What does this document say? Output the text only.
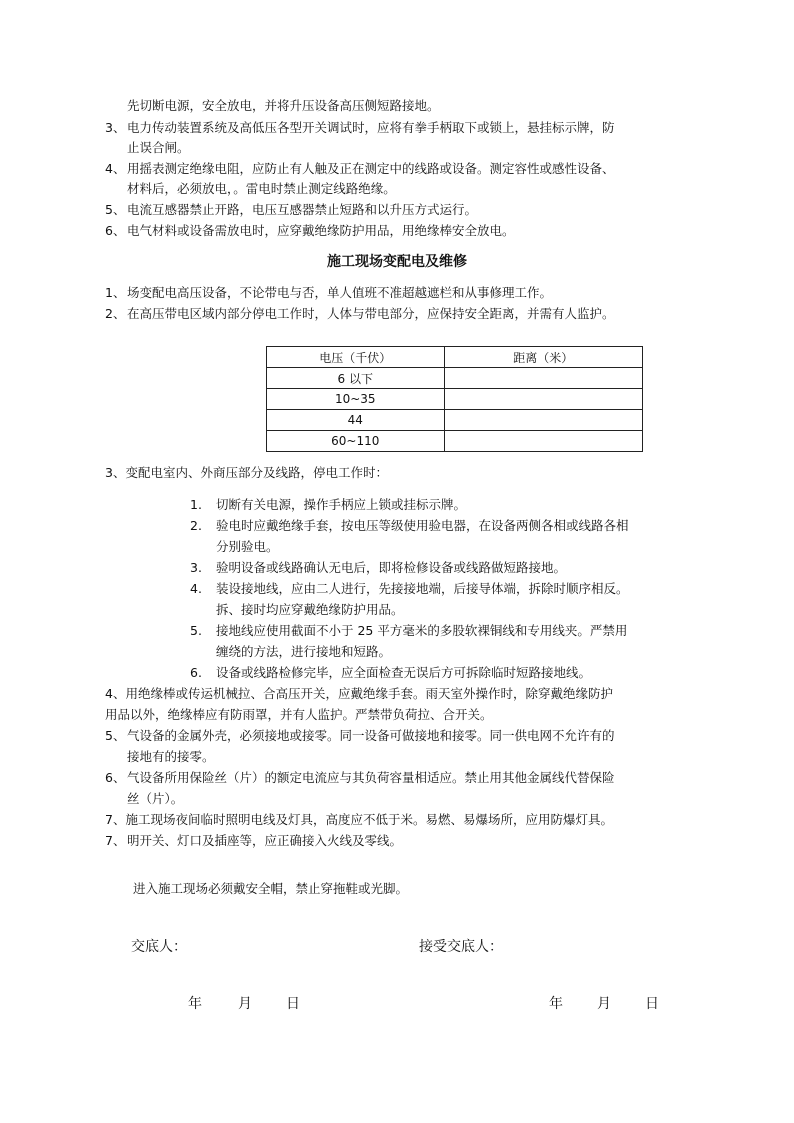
先切断电源，安全放电，并将升压设备高压侧短路接地。
3、 电力传动装置系统及高低压各型开关调试时，应将有拳手柄取下或锁上，悬挂标示牌，防
止误合闸。
4、 用摇表测定绝缘电阻，应防止有人触及正在测定中的线路或设备。测定容性或感性设备、
材料后，必须放电，。雷电时禁止测定线路绝缘。
5、 电流互感器禁止开路，电压互感器禁止短路和以升压方式运行。
6、 电气材料或设备需放电时，应穿戴绝缘防护用品，用绝缘棒安全放电。
施工现场变配电及维修
1、 场变配电高压设备，不论带电与否，单人值班不准超越遮栏和从事修理工作。
2、 在高压带电区域内部分停电工作时，人体与带电部分，应保持安全距离，并需有人监护。
电压（千伏）	距离（米）
6 以下	
10~35	
44	
60~110	
3、变配电室内、外商压部分及线路，停电工作时：
1. 切断有关电源，操作手柄应上锁或挂标示牌。
2. 验电时应戴绝缘手套，按电压等级使用验电器，在设备两侧各相或线路各相
分别验电。
3. 验明设备或线路确认无电后，即将检修设备或线路做短路接地。
4. 装设接地线，应由二人进行，先接接地端，后接导体端，拆除时顺序相反。
拆、接时均应穿戴绝缘防护用品。
5. 接地线应使用截面不小于 25 平方毫米的多股软裸铜线和专用线夹。严禁用
缠绕的方法，进行接地和短路。
6. 设备或线路检修完毕，应全面检查无误后方可拆除临时短路接地线。
4、用绝缘棒或传运机械拉、合高压开关，应戴绝缘手套。雨天室外操作时，除穿戴绝缘防护
用品以外，绝缘棒应有防雨罩，并有人监护。严禁带负荷拉、合开关。
5、 气设备的金属外壳，必须接地或接零。同一设备可做接地和接零。同一供电网不允许有的
接地有的接零。
6、 气设备所用保险丝（片）的额定电流应与其负荷容量相适应。禁止用其他金属线代替保险
丝（片）。
7、施工现场夜间临时照明电线及灯具，高度应不低于米。易燃、易爆场所，应用防爆灯具。
7、 明开关、灯口及插座等，应正确接入火线及零线。
进入施工现场必须戴安全帽，禁止穿拖鞋或光脚。
交底人：	接受交底人：
年	月 日	年 月 日
